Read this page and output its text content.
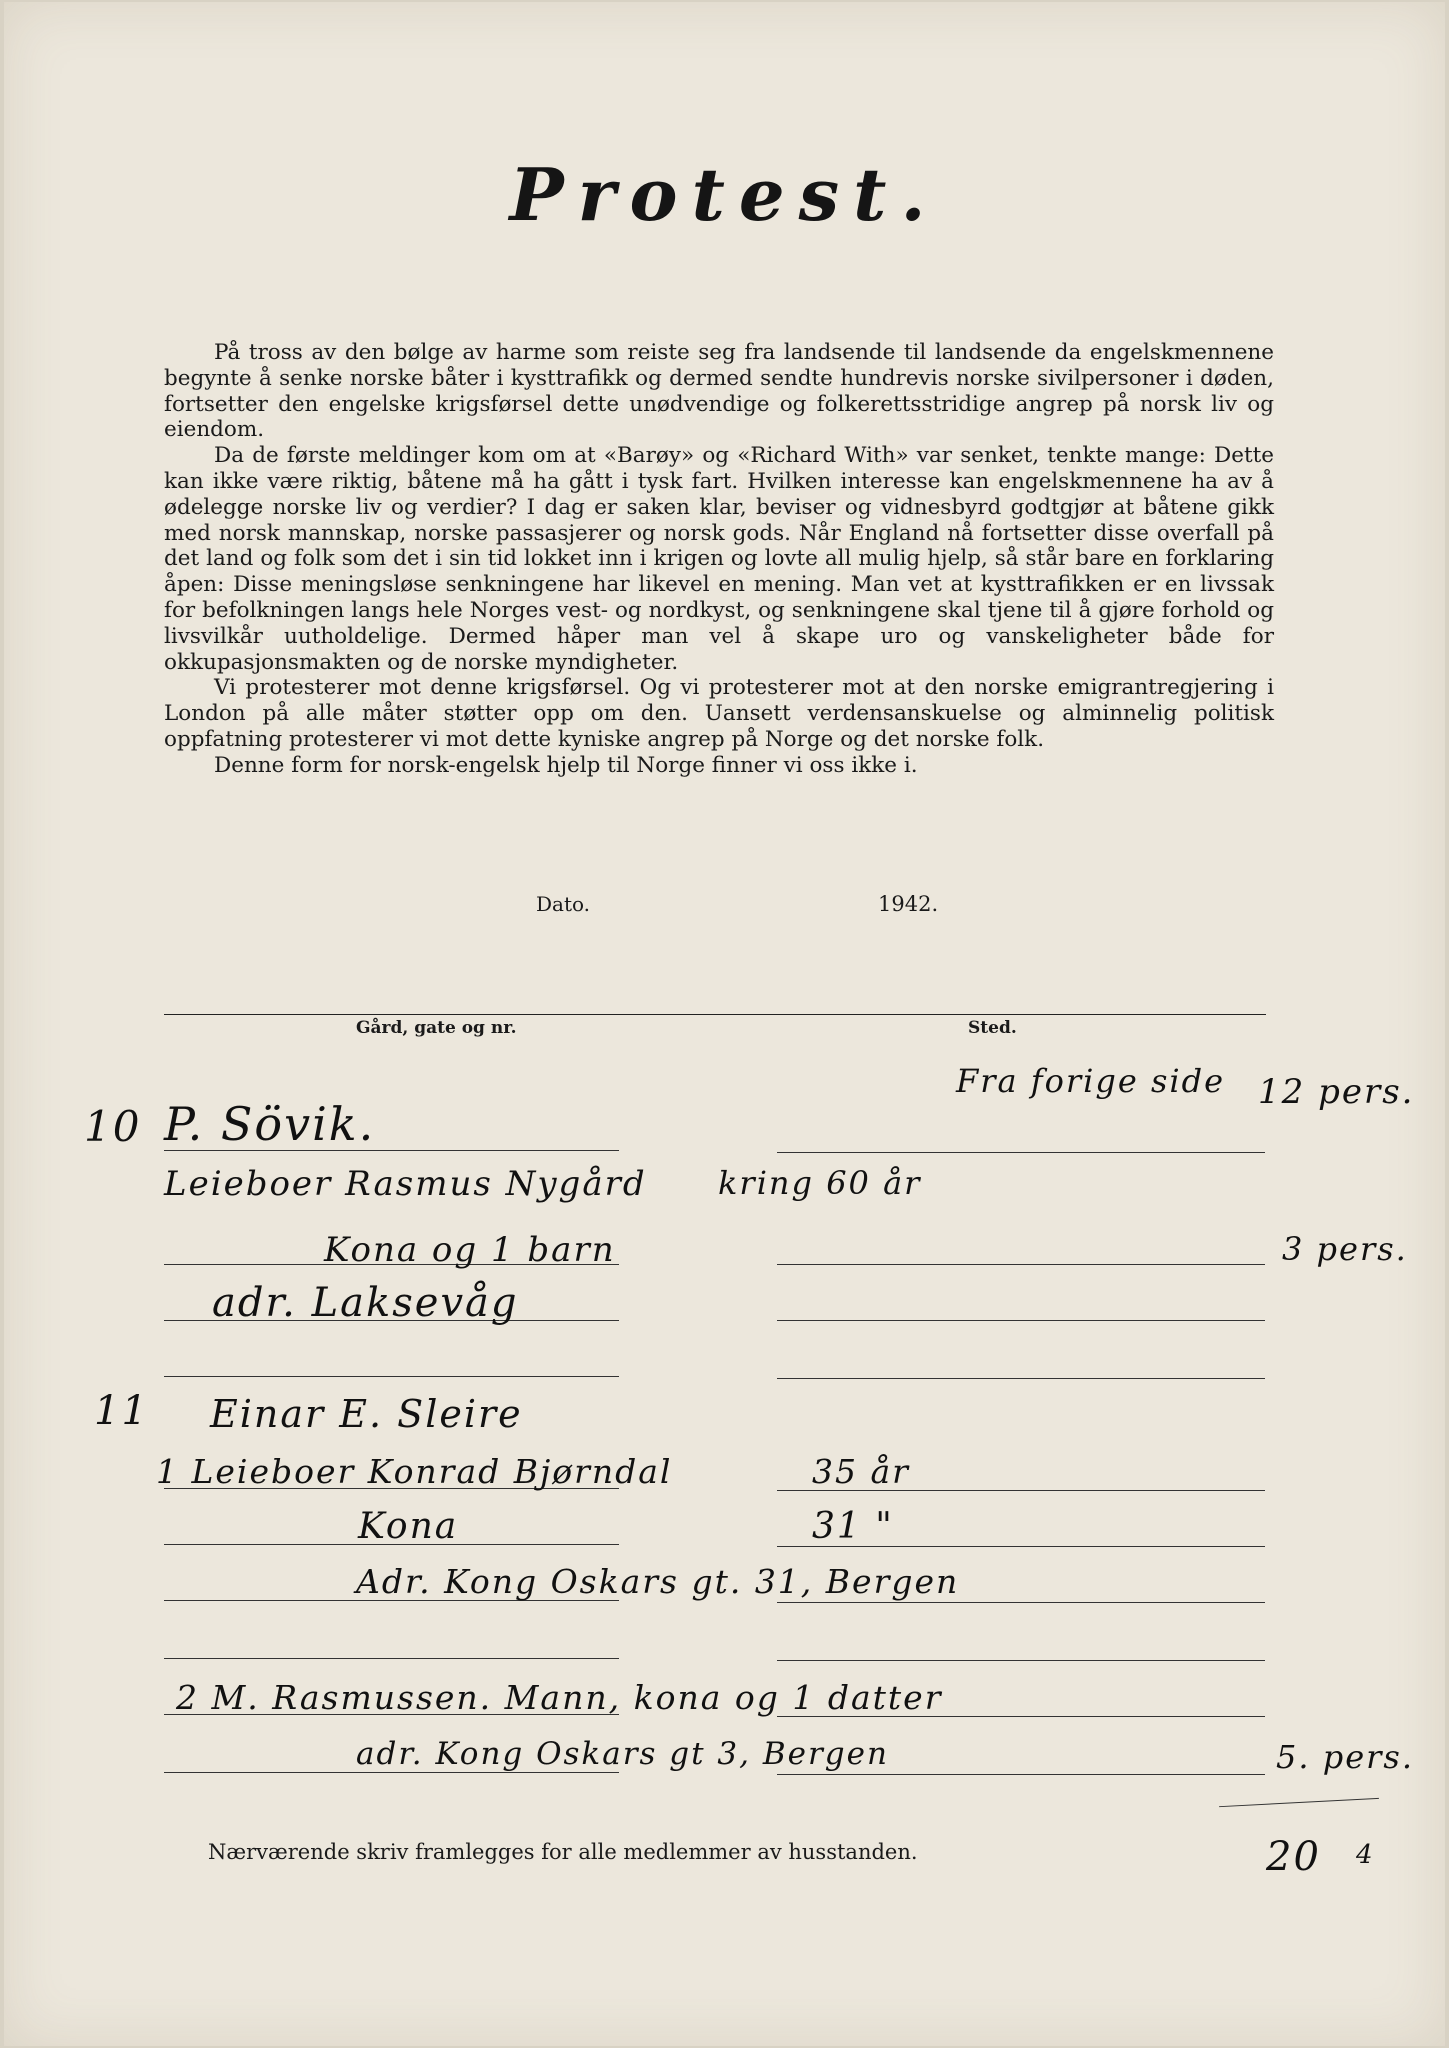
Protest.

På tross av den bølge av harme som reiste seg fra landsende til landsende da engelskmennene begynte å senke norske båter i kysttrafikk og dermed sendte hundrevis norske sivilpersoner i døden, fortsetter den engelske krigsførsel dette unødvendige og folkerettsstridige angrep på norsk liv og eiendom.

Da de første meldinger kom om at «Barøy» og «Richard With» var senket, tenkte mange: Dette kan ikke være riktig, båtene må ha gått i tysk fart. Hvilken interesse kan engelskmennene ha av å ødelegge norske liv og verdier? I dag er saken klar, beviser og vidnesbyrd godtgjør at båtene gikk med norsk mannskap, norske passasjerer og norsk gods. Når England nå fortsetter disse overfall på det land og folk som det i sin tid lokket inn i krigen og lovte all mulig hjelp, så står bare en forklaring åpen: Disse meningsløse senkningene har likevel en mening. Man vet at kysttrafikken er en livssak for befolkningen langs hele Norges vest- og nordkyst, og senkningene skal tjene til å gjøre forhold og livsvilkår uutholdelige. Dermed håper man vel å skape uro og vanskeligheter både for okkupasjonsmakten og de norske myndigheter.

Vi protesterer mot denne krigsførsel. Og vi protesterer mot at den norske emigrantregjering i London på alle måter støtter opp om den. Uansett verdensanskuelse og alminnelig politisk oppfatning protesterer vi mot dette kyniske angrep på Norge og det norske folk.

Denne form for norsk-engelsk hjelp til Norge finner vi oss ikke i.

Dato.	1942.
Gård, gate og nr.	Sted.
Fra forige side 12 pers.
10 P. Sövik.
Leieboer Rasmus Nygård kring 60 år
Kona og 1 barn	3 pers.
adr. Laksevåg
11 Einar E. Sleire
1 Leieboer Konrad Bjørndal	35 år
Kona	31 "
Adr. Kong Oskars gt. 31, Bergen
2 M. Rasmussen. Mann, kona og 1 datter
adr. Kong Oskars gt 3, Bergen	5. pers.
20 4
Nærværende skriv framlegges for alle medlemmer av husstanden.
